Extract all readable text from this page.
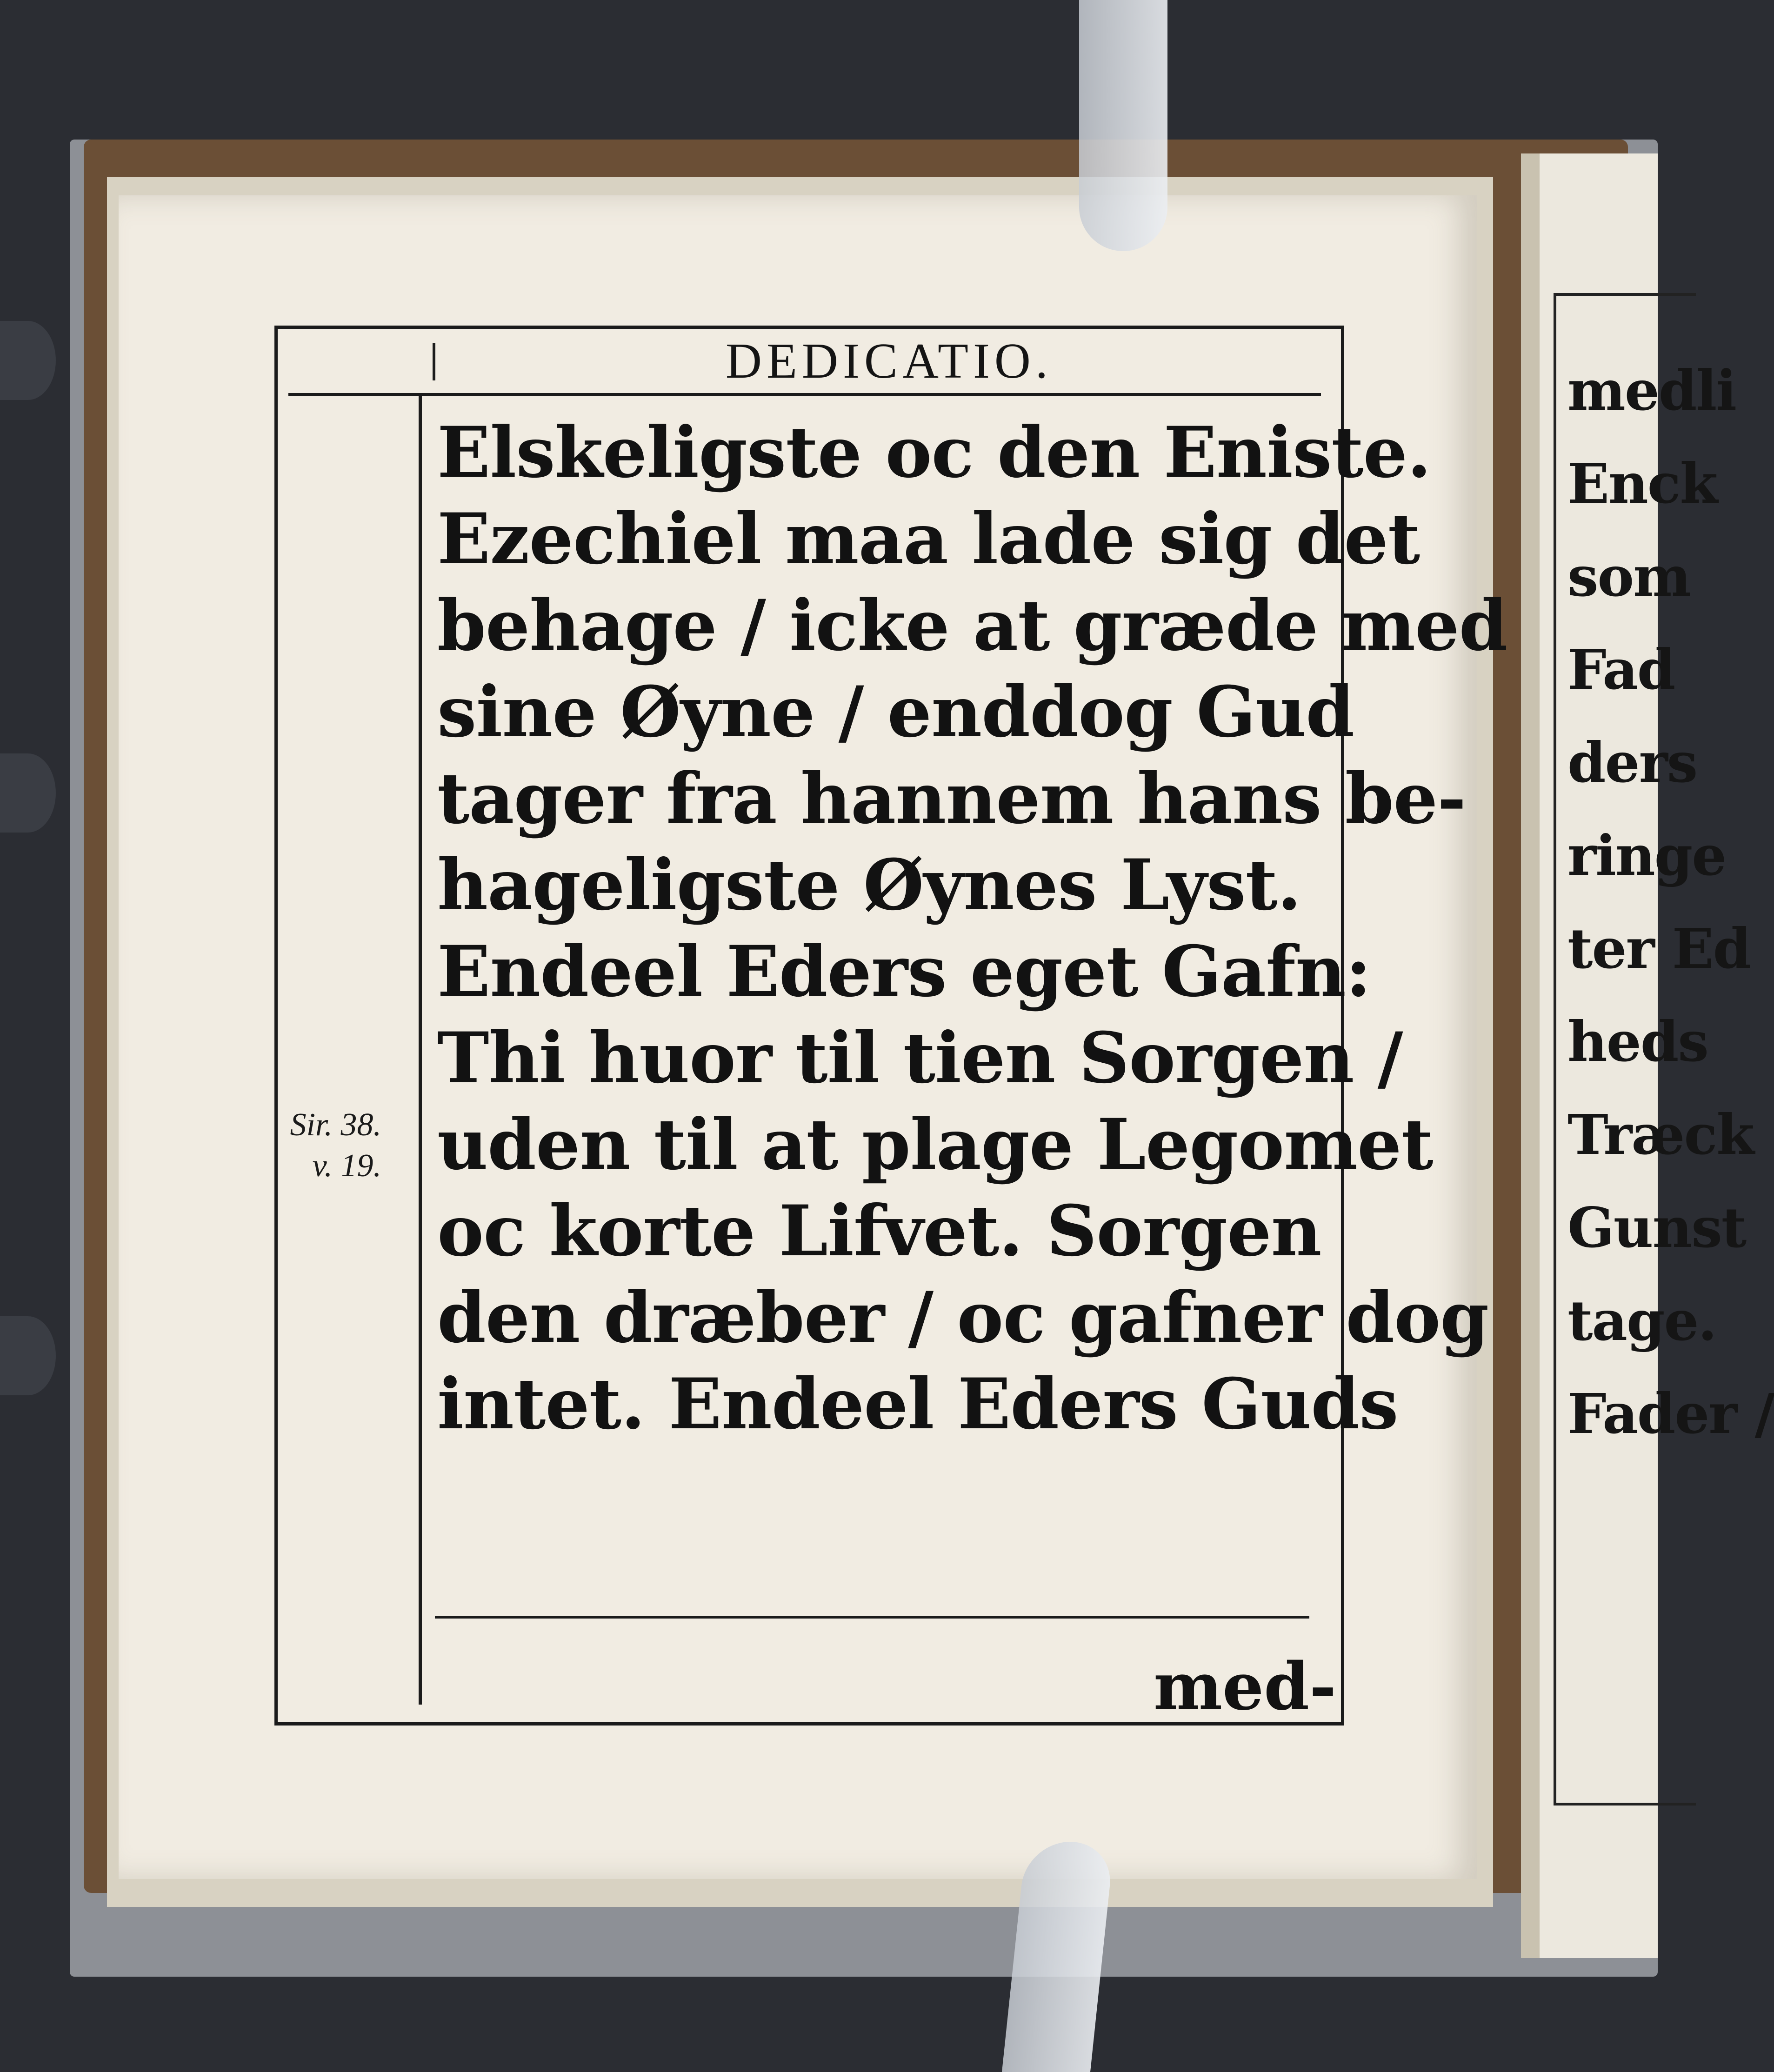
medli
Enck
som
Fad
ders
ringe
ter Ed
heds
Træck
Gunst
tage.
Fader /
DEDICATIO.
Sir. 38.
v. 19.
Elskeligste oc den Eniste.
Ezechiel maa lade sig det
behage / icke at græde med
sine Øyne / enddog Gud
tager fra hannem hans be-
hageligste Øynes Lyst.
Endeel Eders eget Gafn:
Thi huor til tien Sorgen /
uden til at plage Legomet
oc korte Lifvet. Sorgen
den dræber / oc gafner dog
intet. Endeel Eders Guds
med-
